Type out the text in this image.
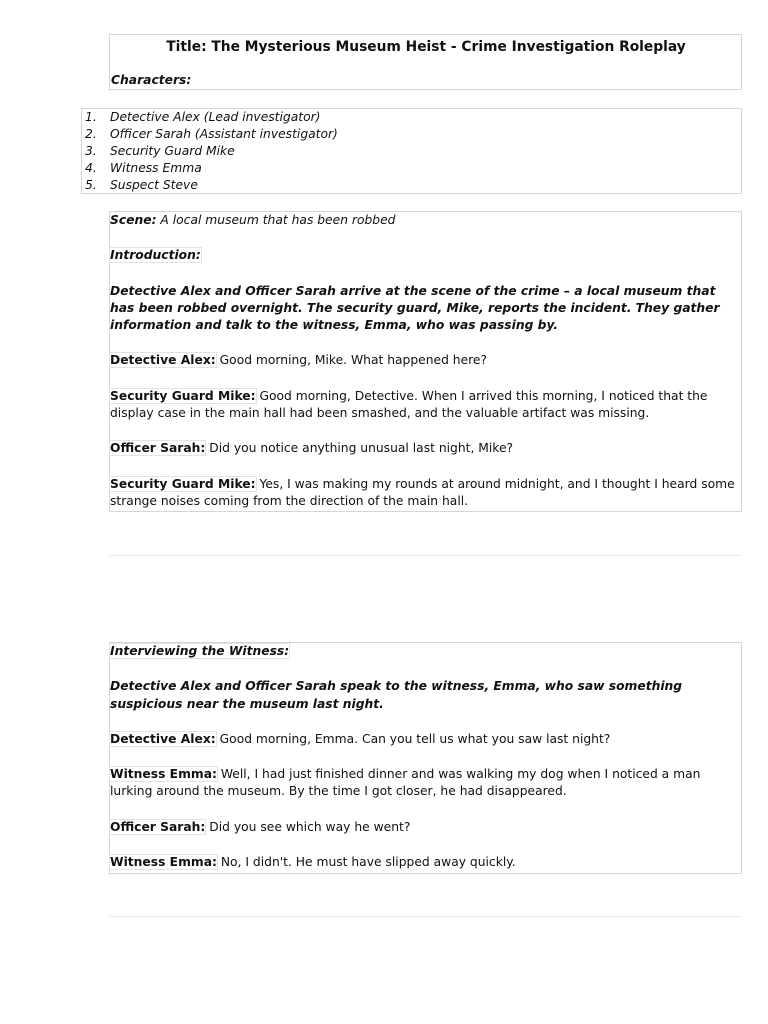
Title: The Mysterious Museum Heist - Crime Investigation Roleplay
Characters:
1. Detective Alex (Lead investigator)
2. Officer Sarah (Assistant investigator)
3. Security Guard Mike
4. Witness Emma
5. Suspect Steve

Scene: A local museum that has been robbed

Introduction:

Detective Alex and Officer Sarah arrive at the scene of the crime – a local museum that has been robbed overnight. The security guard, Mike, reports the incident. They gather information and talk to the witness, Emma, who was passing by.

Detective Alex: Good morning, Mike. What happened here?

Security Guard Mike: Good morning, Detective. When I arrived this morning, I noticed that the display case in the main hall had been smashed, and the valuable artifact was missing.

Officer Sarah: Did you notice anything unusual last night, Mike?

Security Guard Mike: Yes, I was making my rounds at around midnight, and I thought I heard some strange noises coming from the direction of the main hall.

Interviewing the Witness:

Detective Alex and Officer Sarah speak to the witness, Emma, who saw something suspicious near the museum last night.

Detective Alex: Good morning, Emma. Can you tell us what you saw last night?

Witness Emma: Well, I had just finished dinner and was walking my dog when I noticed a man lurking around the museum. By the time I got closer, he had disappeared.

Officer Sarah: Did you see which way he went?

Witness Emma: No, I didn't. He must have slipped away quickly.
